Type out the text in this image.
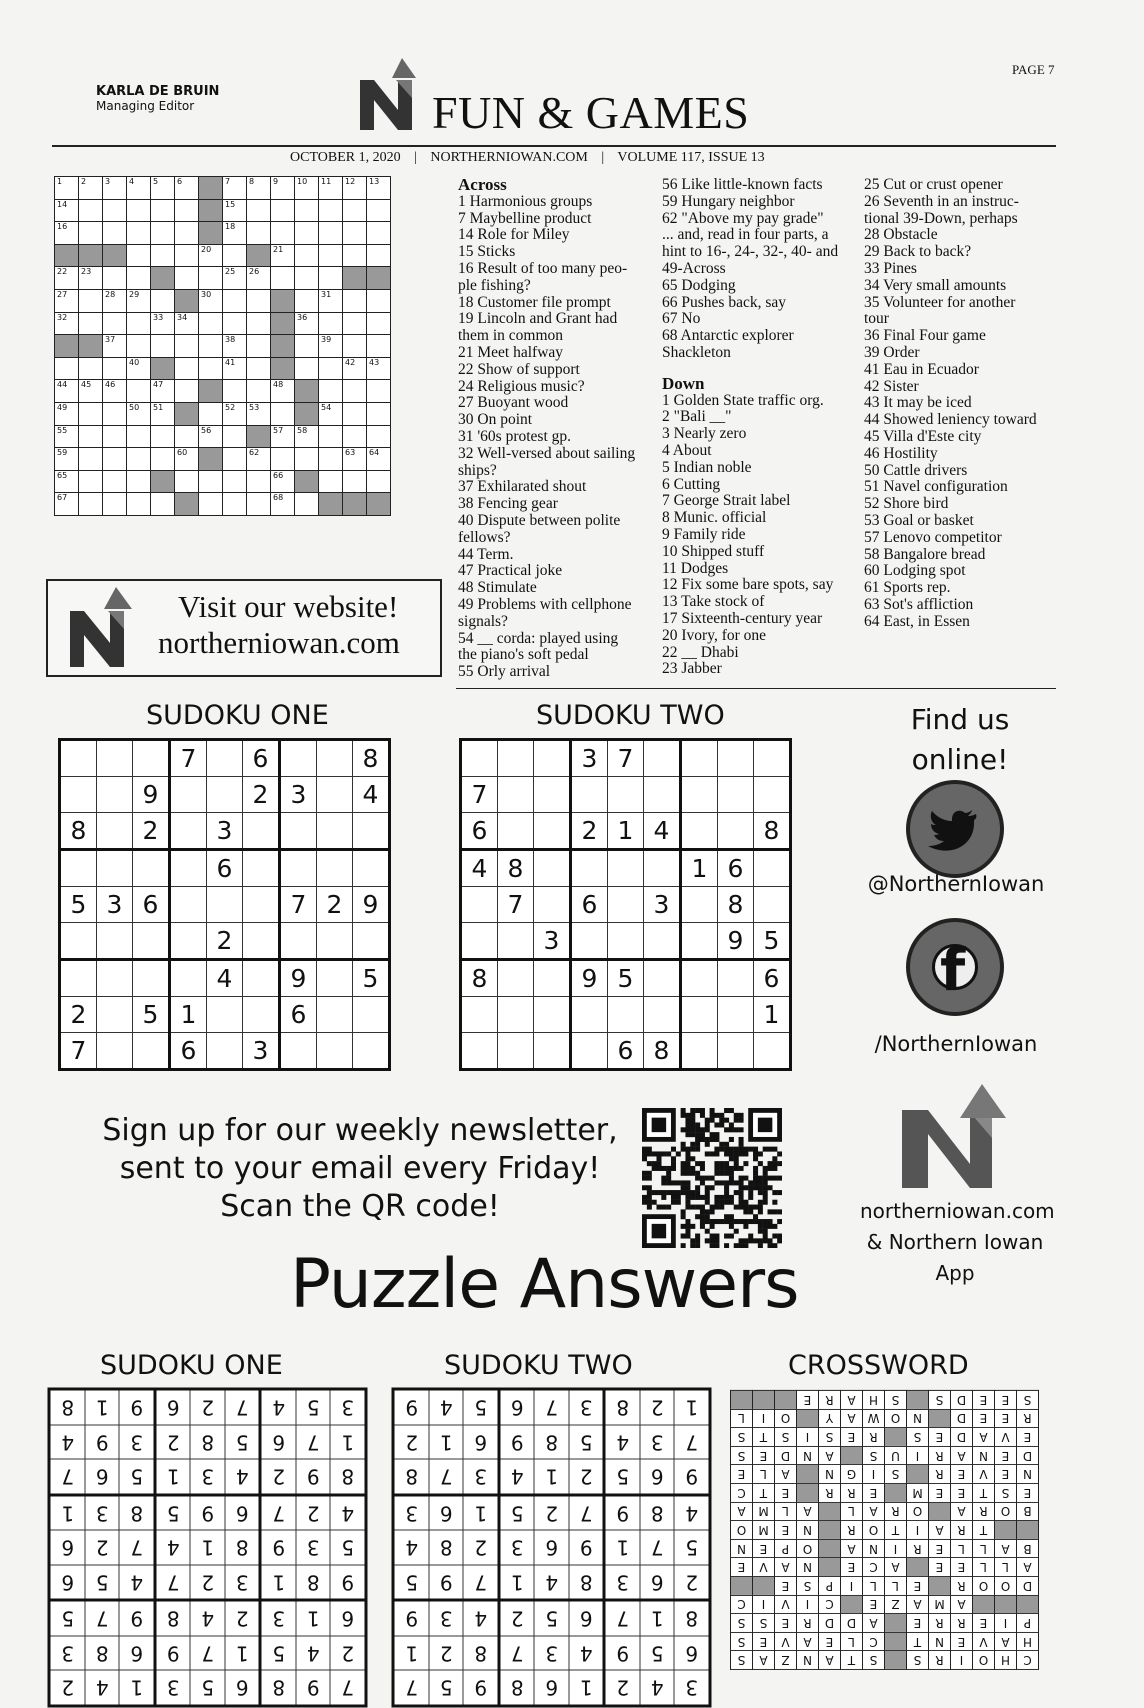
KARLA DE BRUIN
Managing Editor	FUN & GAMES
PAGE 7
OCTOBER 1, 2020 | NORTHERNIOWAN.COM | VOLUME 117, ISSUE 13
1	2	3	4	5	6		7	8	9	10	11	12	13

14							15						

16							18						

						20			21				

22	23						25	26					

27		28	29			30					31		

32				33	34					36			

		37					38				39		

			40				41					42	43

44	45	46		47					48				

49			50	51			52	53			54		

55						56			57	58			

59					60			62				63	64

65									66				

67									68				

Across
1 Harmonious groups
7 Maybelline product
14 Role for Miley
15 Sticks
16 Result of too many peo-
ple fishing?
18 Customer file prompt
19 Lincoln and Grant had
them in common
21 Meet halfway
22 Show of support
24 Religious music?
27 Buoyant wood
30 On point
31 '60s protest gp.
32 Well-versed about sailing
ships?
37 Exhilarated shout
38 Fencing gear
40 Dispute between polite
fellows?
44 Term.
47 Practical joke
48 Stimulate
49 Problems with cellphone
signals?
54 __ corda: played using
the piano's soft pedal
55 Orly arrival
56 Like little-known facts
59 Hungary neighbor
62 "Above my pay grade"
... and, read in four parts, a
hint to 16-, 24-, 32-, 40- and
49-Across
65 Dodging
66 Pushes back, say
67 No
68 Antarctic explorer
Shackleton
Down
1 Golden State traffic org.
2 "Bali __"
3 Nearly zero
4 About
5 Indian noble
6 Cutting
7 George Strait label
8 Munic. official
9 Family ride
10 Shipped stuff
11 Dodges
12 Fix some bare spots, say
13 Take stock of
17 Sixteenth-century year
20 Ivory, for one
22 __ Dhabi
23 Jabber
25 Cut or crust opener
26 Seventh in an instruc-
tional 39-Down, perhaps
28 Obstacle
29 Back to back?
33 Pines
34 Very small amounts
35 Volunteer for another
tour
36 Final Four game
39 Order
41 Eau in Ecuador
42 Sister
43 It may be iced
44 Showed leniency toward
45 Villa d'Este city
46 Hostility
50 Cattle drivers
51 Navel configuration
52 Shore bird
53 Goal or basket
57 Lenovo competitor
58 Bangalore bread
60 Lodging spot
61 Sports rep.
63 Sot's affliction
64 East, in Essen
Visit our website!
northerniowan.com
SUDOKU ONE
			7		6			8
		9			2	3		4
8		2		3				
				6				
5	3	6				7	2	9
				2				
				4		9		5
2		5	1			6		
7			6		3			
SUDOKU TWO
			3	7				
7								
6			2	1	4			8
4	8					1	6	
	7		6		3		8	
		3					9	5
8			9	5				6
								1
				6	8			
Find us online!
@NorthernIowan
f
/NorthernIowan
northerniowan.com
& Northern Iowan
App
Sign up for our weekly newsletter,
sent to your email every Friday!
Scan the QR code!
Puzzle Answers
SUDOKU ONE
7	9	8	6	5	3	1	4	2
2	4	5	1	7	9	6	8	3
6	1	3	2	4	8	9	7	5
9	8	1	3	2	7	4	5	6
5	3	9	8	1	4	7	2	6
4	2	7	6	9	5	8	3	1
8	9	2	4	3	1	5	6	7
1	7	6	5	8	2	3	9	4
3	5	4	7	2	6	9	1	8
SUDOKU TWO
3	4	2	1	6	8	9	5	7
6	5	9	4	3	7	8	2	1
8	1	7	6	5	2	4	3	9
2	6	3	8	4	1	7	9	5
5	7	1	9	6	3	2	8	4
4	8	9	7	2	5	1	6	3
9	6	5	2	1	4	3	7	8
7	3	4	5	8	9	6	1	2
1	2	8	3	7	6	5	4	9
CROSSWORD
C	H	O	I	R	S		S	T	A	N	Z	A	S
H	A	V	E	N	T		C	L	E	A	V	E	S
P	I	E	R	R	E		A	D	D	R	E	S	S
			A	M	A	Z	E		C	I	V	I	C
D	O	O	R		E	L	L	I	P	S	E		
A	L	L	E	E		A	C	E		N	A	V	E
B	A	L	L	E	R	I	N	A		O	P	E	N
		T	R	A	I	T	O	R		N	E	M	O
B	O	R	A		O	R	A	L		A	L	M	A
E	S	T	E	E	M		E	R	R		E	T	C
N	E	V	E	R		S	I	G	N		A	L	E
D	E	N	A	R	I	U	S		A	N	D	E	S
E	V	A	D	E	S		R	E	S	I	S	T	S
R	E	E	D		N	O	W	A	Y		O	I	L
S	E	E	D	S		S	H	A	R	E			
